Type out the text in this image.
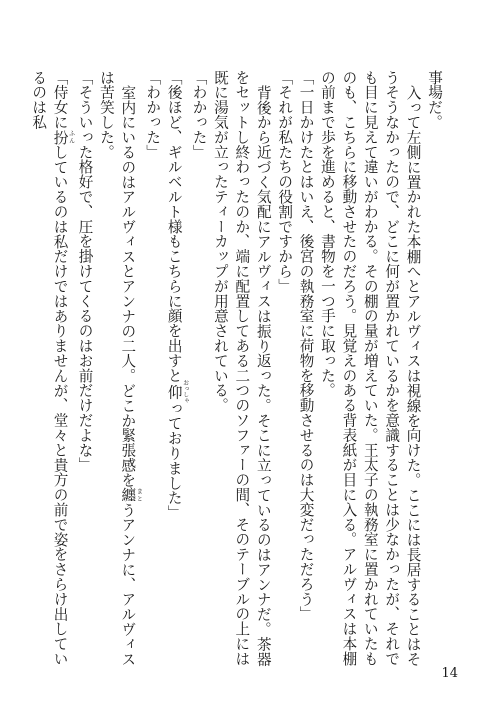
事場だ。

入って左側に置かれた本棚へとアルヴィスは視線を向けた。ここには長居することはそうそうなかったので、どこに何が置かれているかを意識することは少なかったが、それでも目に見えて違いがわかる。その棚の量が増えていた。王太子の執務室に置かれていたものも、こちらに移動させたのだろう。見覚えのある背表紙が目に入る。アルヴィスは本棚の前まで歩を進めると、書物を一つ手に取った。

「一日かけたとはいえ、後宮の執務室に荷物を移動させるのは大変だっただろう」

「それが私たちの役割ですから」

背後から近づく気配にアルヴィスは振り返った。そこに立っているのはアンナだ。茶器をセットし終わったのか、端に配置してある二つのソファーの間、そのテーブルの上には既に湯気が立ったティーカップが用意されている。

「わかった」

「後ほど、ギルベルト様もこちらに顔を出すと仰 おっしゃっておりました」

「わかった」

室内にいるのはアルヴィスとアンナの二人。どこか緊張感を纏 まとうアンナに、アルヴィスは苦笑した。

「そういった格好で、圧を掛けてくるのはお前だけだよな」

「侍女に扮 ふんしているのは私だけではありませんが、堂々と貴方の前で姿をさらけ出しているのは私

14
